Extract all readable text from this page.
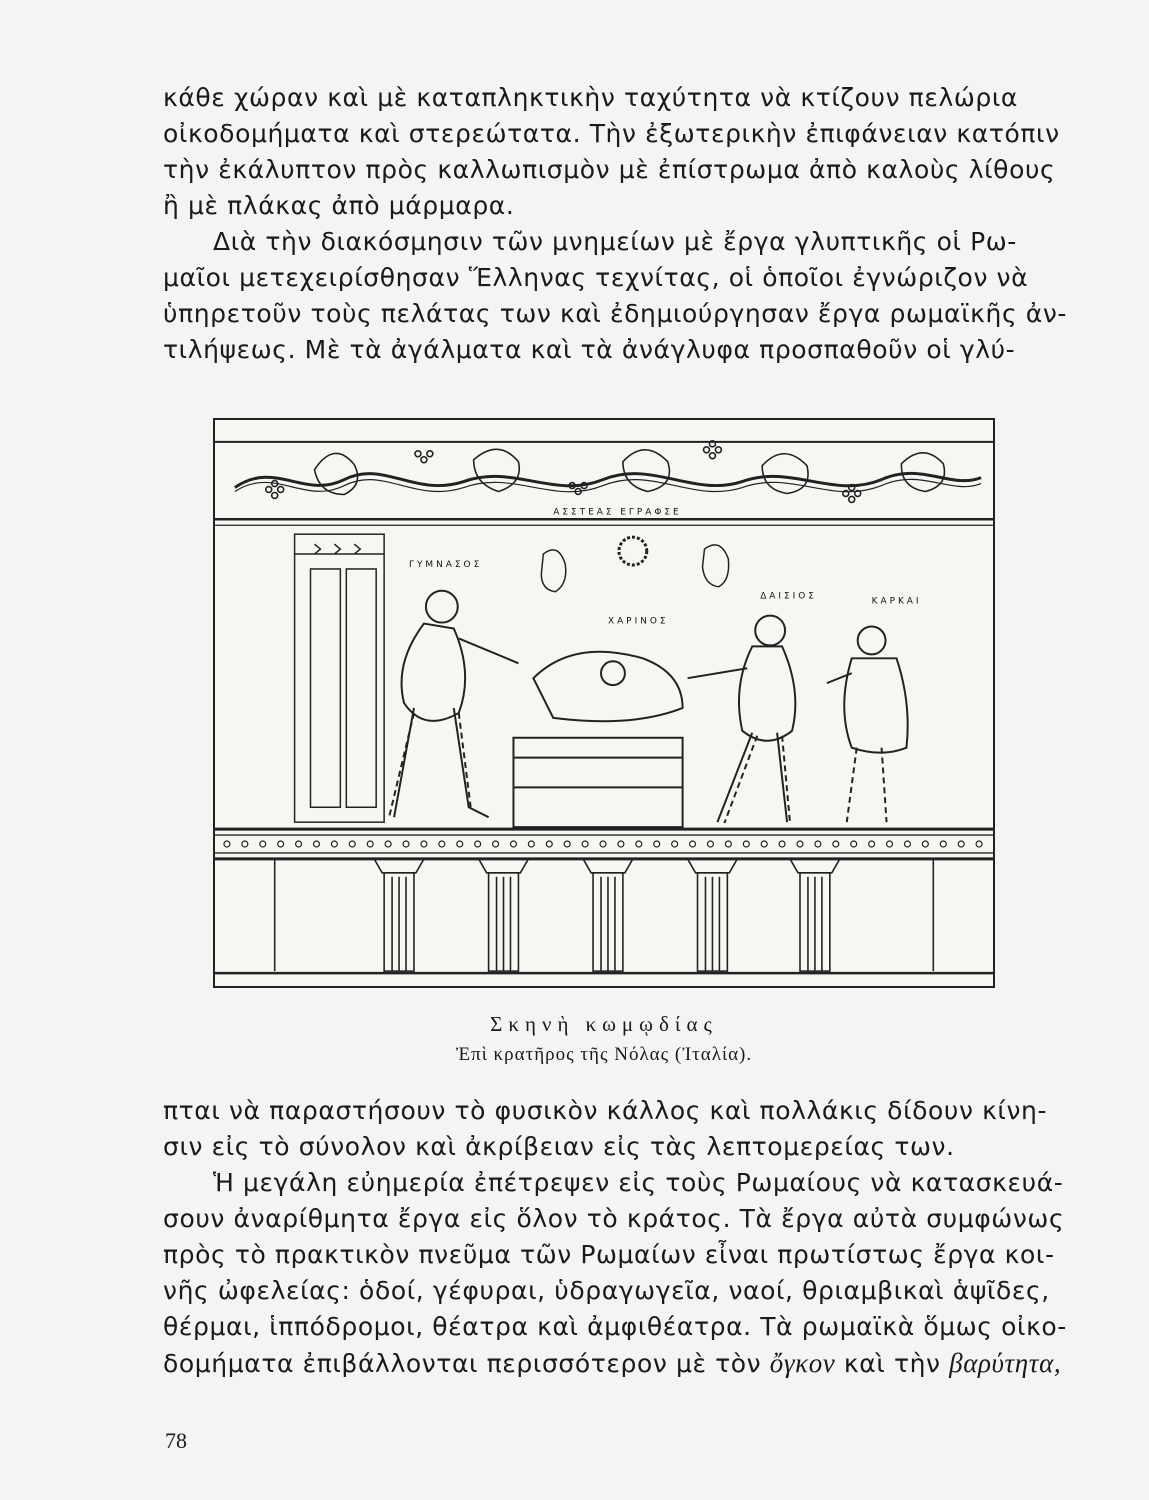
κάθε χώραν καὶ μὲ καταπληκτικὴν ταχύτητα νὰ κτίζουν πελώρια
οἰκοδομήματα καὶ στερεώτατα. Τὴν ἐξωτερικὴν ἐπιφάνειαν κατόπιν
τὴν ἐκάλυπτον πρὸς καλλωπισμὸν μὲ ἐπίστρωμα ἀπὸ καλοὺς λίθους
ἢ μὲ πλάκας ἀπὸ μάρμαρα.
Διὰ τὴν διακόσμησιν τῶν μνημείων μὲ ἔργα γλυπτικῆς οἱ Ρω-
μαῖοι μετεχειρίσθησαν Ἕλληνας τεχνίτας, οἱ ὁποῖοι ἐγνώριζον νὰ
ὑπηρετοῦν τοὺς πελάτας των καὶ ἐδημιούργησαν ἔργα ρωμαϊκῆς ἀν-
τιλήψεως. Μὲ τὰ ἀγάλματα καὶ τὰ ἀνάγλυφα προσπαθοῦν οἱ γλύ-
ΑΣΣΤΕΑΣ ΕΓΡΑΦΣΕ
ΓΥΜΝΑΣΟΣ
ΧΑΡΙΝΟΣ
ΔΑΙΣΙΟΣ	ΚΑΡΚΑΙ
Σκηνὴ κωμῳδίας
Ἐπὶ κρατῆρος τῆς Νόλας (Ἰταλία).
πται νὰ παραστήσουν τὸ φυσικὸν κάλλος καὶ πολλάκις δίδουν κίνη-
σιν εἰς τὸ σύνολον καὶ ἀκρίβειαν εἰς τὰς λεπτομερείας των.
Ἡ μεγάλη εὐημερία ἐπέτρεψεν εἰς τοὺς Ρωμαίους νὰ κατασκευά-
σουν ἀναρίθμητα ἔργα εἰς ὅλον τὸ κράτος. Τὰ ἔργα αὐτὰ συμφώνως
πρὸς τὸ πρακτικὸν πνεῦμα τῶν Ρωμαίων εἶναι πρωτίστως ἔργα κοι-
νῆς ὠφελείας: ὁδοί, γέφυραι, ὑδραγωγεῖα, ναοί, θριαμβικαὶ ἁψῖδες,
θέρμαι, ἱππόδρομοι, θέατρα καὶ ἀμφιθέατρα. Τὰ ρωμαϊκὰ ὅμως οἰκο-
δομήματα ἐπιβάλλονται περισσότερον μὲ τὸν ὄγκον καὶ τὴν βαρύτητα,
78
